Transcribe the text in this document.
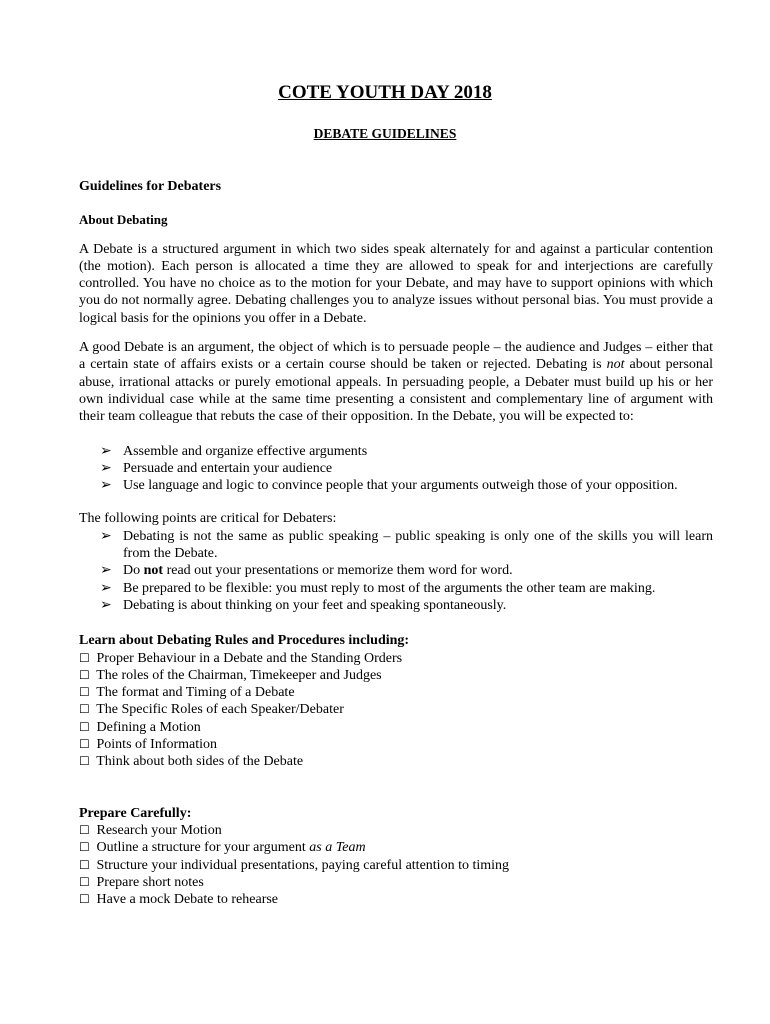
COTE YOUTH DAY 2018
DEBATE GUIDELINES

Guidelines for Debaters

About Debating

A Debate is a structured argument in which two sides speak alternately for and against a particular contention (the motion). Each person is allocated a time they are allowed to speak for and interjections are carefully controlled. You have no choice as to the motion for your Debate, and may have to support opinions with which you do not normally agree. Debating challenges you to analyze issues without personal bias. You must provide a logical basis for the opinions you offer in a Debate.

A good Debate is an argument, the object of which is to persuade people – the audience and Judges – either that a certain state of affairs exists or a certain course should be taken or rejected. Debating is not about personal abuse, irrational attacks or purely emotional appeals. In persuading people, a Debater must build up his or her own individual case while at the same time presenting a consistent and complementary line of argument with their team colleague that rebuts the case of their opposition. In the Debate, you will be expected to:

➢ Assemble and organize effective arguments
➢ Persuade and entertain your audience
➢ Use language and logic to convince people that your arguments outweigh those of your opposition.

The following points are critical for Debaters:

➢ Debating is not the same as public speaking – public speaking is only one of the skills you will learn from the Debate.
➢ Do not read out your presentations or memorize them word for word.
➢ Be prepared to be flexible: you must reply to most of the arguments the other team are making.
➢ Debating is about thinking on your feet and speaking spontaneously.

Learn about Debating Rules and Procedures including:

☐ Proper Behaviour in a Debate and the Standing Orders
☐ The roles of the Chairman, Timekeeper and Judges
☐ The format and Timing of a Debate
☐ The Specific Roles of each Speaker/Debater
☐ Defining a Motion
☐ Points of Information
☐ Think about both sides of the Debate

Prepare Carefully:

☐ Research your Motion
☐ Outline a structure for your argument as a Team
☐ Structure your individual presentations, paying careful attention to timing
☐ Prepare short notes
☐ Have a mock Debate to rehearse
